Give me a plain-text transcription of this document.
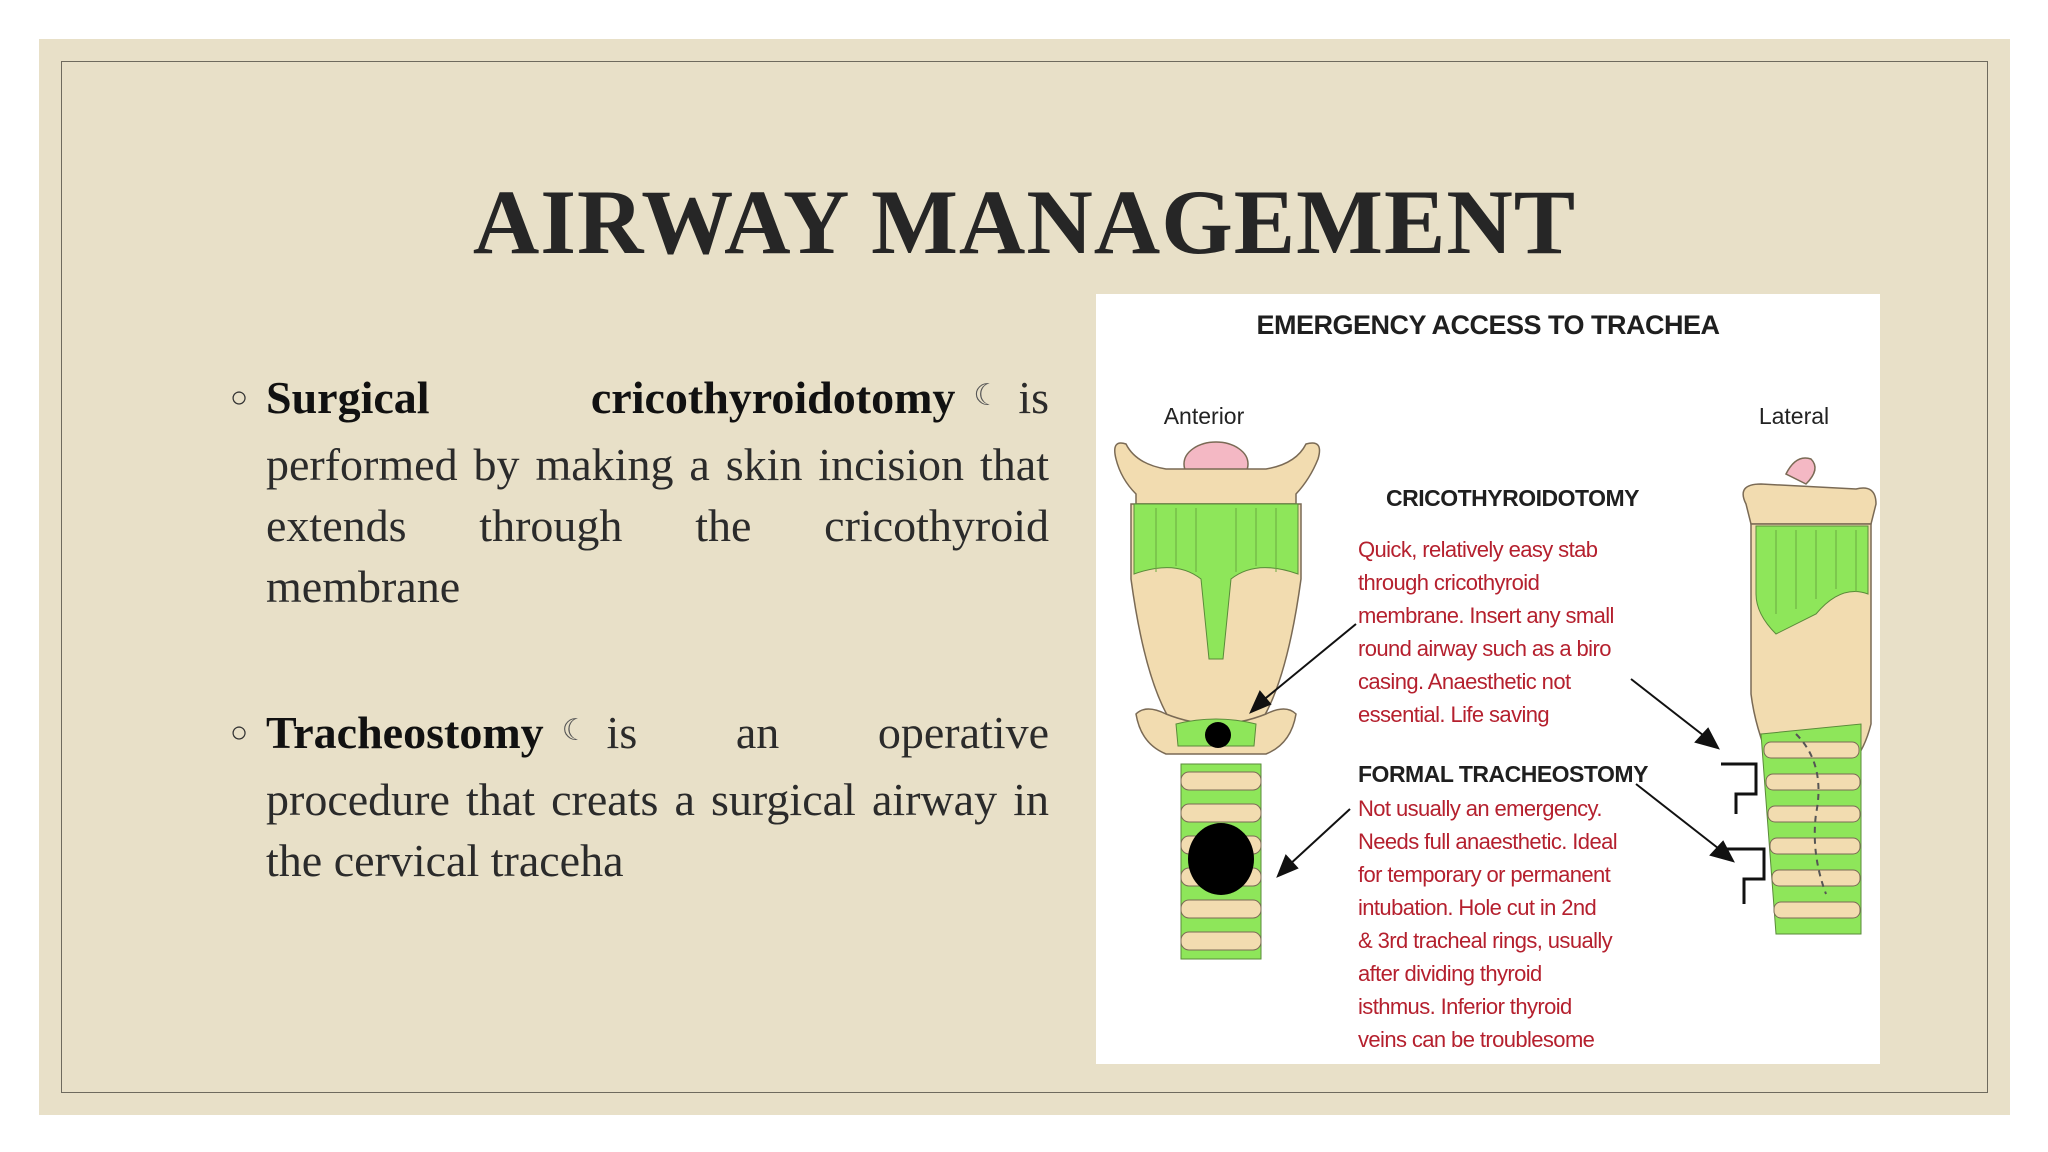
AIRWAY MANAGEMENT

○ Surgical cricothyroidotomy ☾ is performed by making a skin incision that extends through the cricothyroid membrane

○ Tracheostomy ☾ is an operative procedure that creats a surgical airway in the cervical traceha

EMERGENCY ACCESS TO TRACHEA
Anterior	Lateral
CRICOTHYROIDOTOMY
Quick, relatively easy stab
through cricothyroid
membrane. Insert any small
round airway such as a biro
casing. Anaesthetic not
essential. Life saving
FORMAL TRACHEOSTOMY
Not usually an emergency.
Needs full anaesthetic. Ideal
for temporary or permanent
intubation. Hole cut in 2nd
& 3rd tracheal rings, usually
after dividing thyroid
isthmus. Inferior thyroid
veins can be troublesome
